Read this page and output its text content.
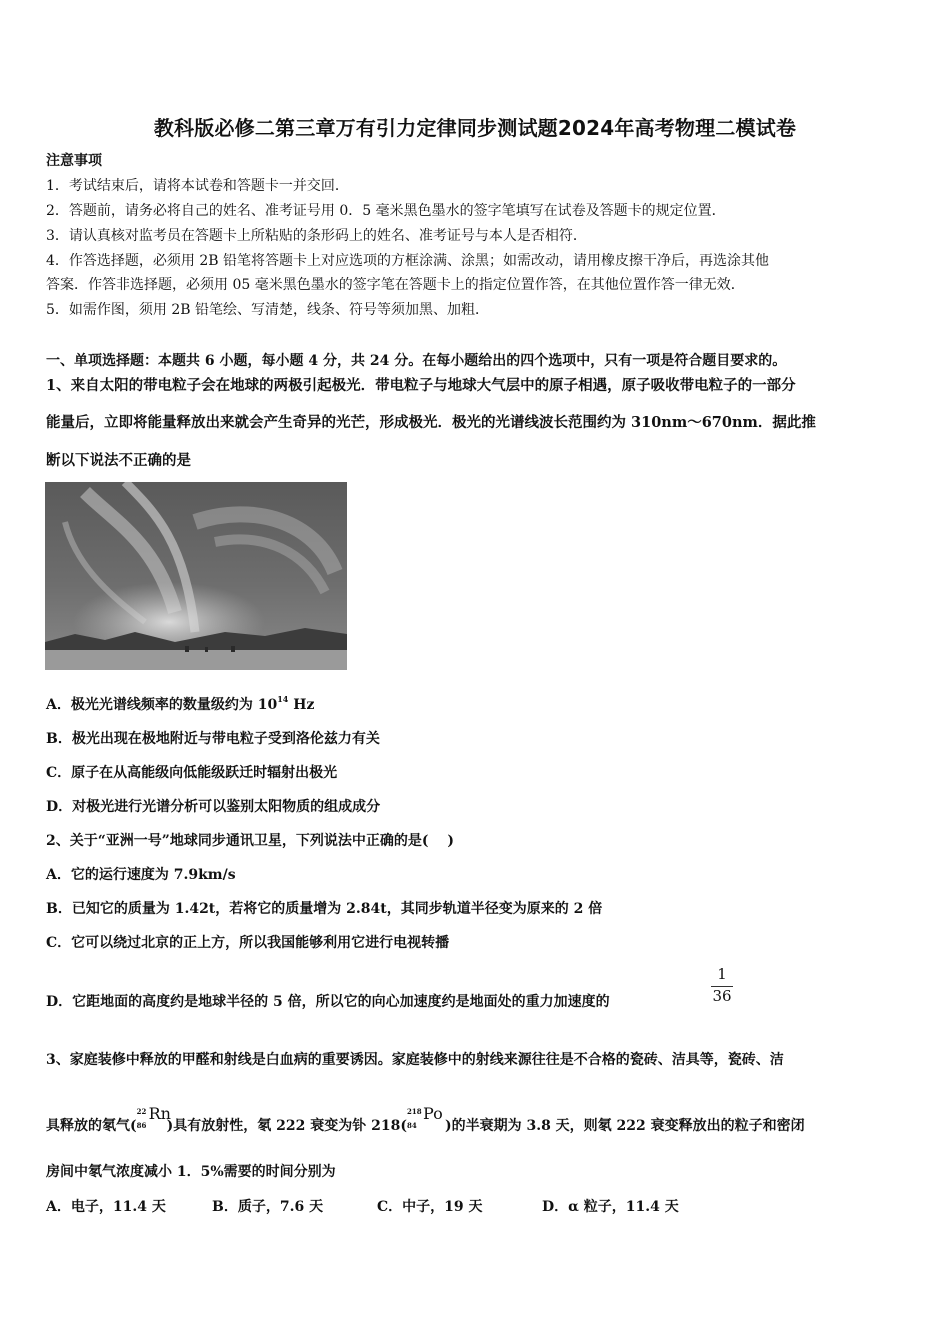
教科版必修二第三章万有引力定律同步测试题2024年高考物理二模试卷
注意事项
1．考试结束后，请将本试卷和答题卡一并交回．
2．答题前，请务必将自己的姓名、准考证号用 0．5 毫米黑色墨水的签字笔填写在试卷及答题卡的规定位置．
3．请认真核对监考员在答题卡上所粘贴的条形码上的姓名、准考证号与本人是否相符．
4．作答选择题，必须用 2B 铅笔将答题卡上对应选项的方框涂满、涂黑；如需改动，请用橡皮擦干净后，再选涂其他
答案．作答非选择题，必须用 05 毫米黑色墨水的签字笔在答题卡上的指定位置作答，在其他位置作答一律无效．
5．如需作图，须用 2B 铅笔绘、写清楚，线条、符号等须加黑、加粗．
一、单项选择题：本题共 6 小题，每小题 4 分，共 24 分。在每小题给出的四个选项中，只有一项是符合题目要求的。
1、来自太阳的带电粒子会在地球的两极引起极光．带电粒子与地球大气层中的原子相遇，原子吸收带电粒子的一部分
能量后，立即将能量释放出来就会产生奇异的光芒，形成极光．极光的光谱线波长范围约为 310nm～670nm．据此推
断以下说法不正确的是
A．极光光谱线频率的数量级约为 $10^{14}$ Hz
B．极光出现在极地附近与带电粒子受到洛伦兹力有关
C．原子在从高能级向低能级跃迁时辐射出极光
D．对极光进行光谱分析可以鉴别太阳物质的组成成分
2、关于“亚洲一号”地球同步通讯卫星，下列说法中正确的是(　 )
A．它的运行速度为 7.9km/s
B．已知它的质量为 1.42t，若将它的质量增为 2.84t，其同步轨道半径变为原来的 2 倍
C．它可以绕过北京的正上方，所以我国能够利用它进行电视转播
D．它距地面的高度约是地球半径的 5 倍，所以它的向心加速度约是地面处的重力加速度的
1
36
3、家庭装修中释放的甲醛和射线是白血病的重要诱因。家庭装修中的射线来源往往是不合格的瓷砖、洁具等，瓷砖、洁
具释放的氡气(
22
86
Rn
)具有放射性，氡 222 衰变为钋 218(
218
84
Po
)的半衰期为 3.8 天，则氡 222 衰变释放出的粒子和密闭
房间中氡气浓度减小 1．5%需要的时间分别为
A．电子，11.4 天	B．质子，7.6 天	C．中子，19 天	D．α 粒子，11.4 天
